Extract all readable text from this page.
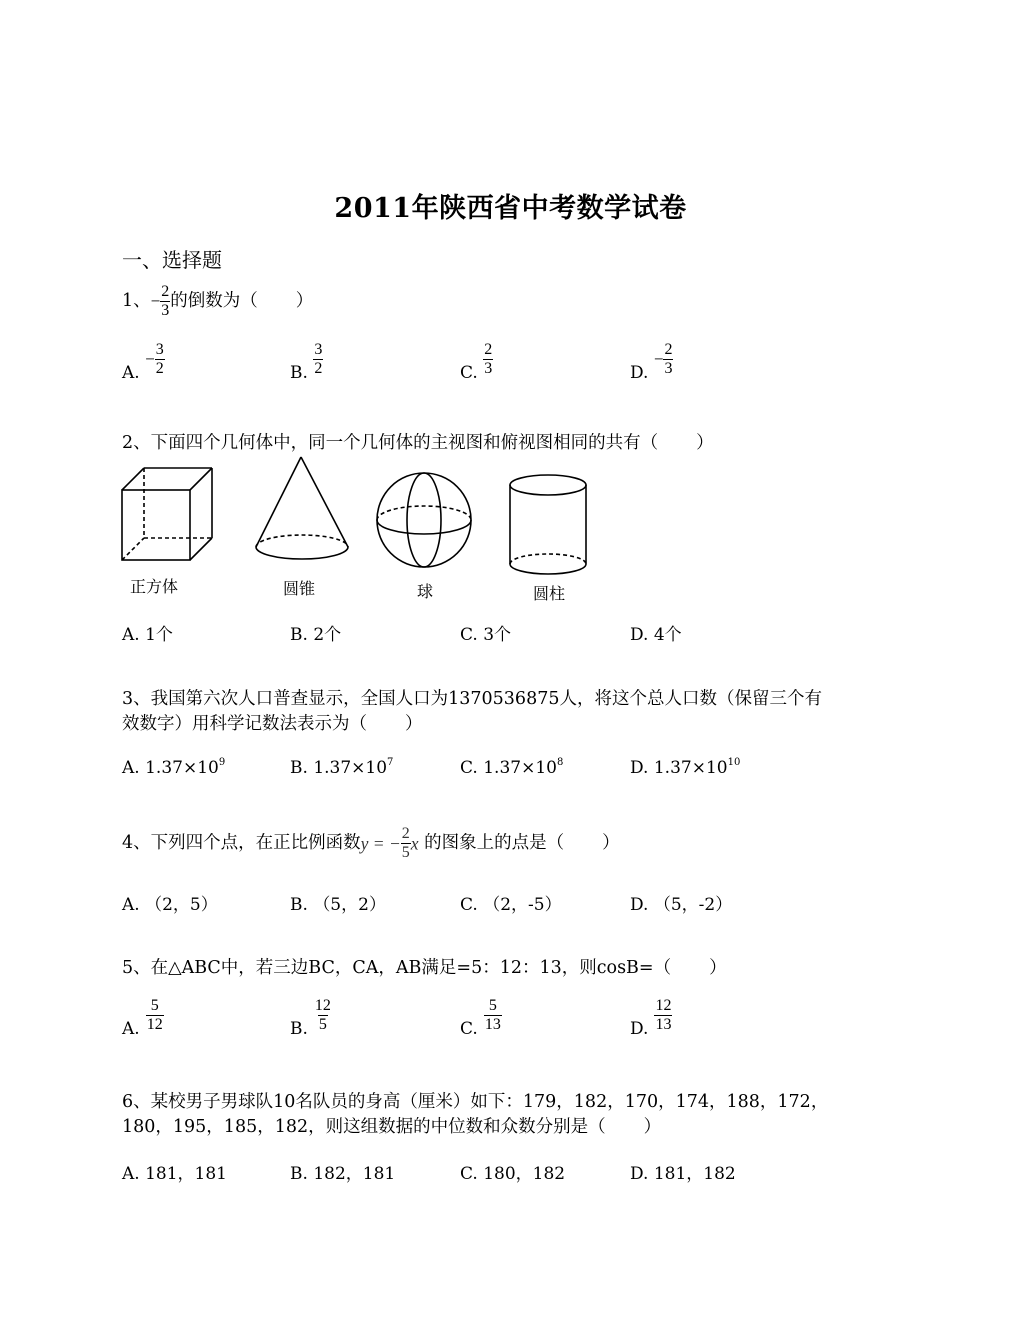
2011年陕西省中考数学试卷
一、选择题
1、− $\frac{2}{3}$ 的倒数为（ ）
A. − $\frac{3}{2}$	B. $\frac{3}{2}$	C. $\frac{2}{3}$	D. − $\frac{2}{3}$
2、下面四个几何体中，同一个几何体的主视图和俯视图相同的共有（ ）
正方体	圆锥	球	圆柱
A. 1个	B. 2个	C. 3个	D. 4个
3、我国第六次人口普查显示，全国人口为1370536875人，将这个总人口数（保留三个有
效数字）用科学记数法表示为（ ）
A. $1.37\times 10^9$	B. $1.37\times 10^7$	C. $1.37\times 10^8$	D. $1.37\times 10^{10}$
4、下列四个点，在正比例函数y = − $\frac{2}{5}$ x 的图象上的点是（ ）
A. （2，5）	B. （5，2）	C. （2，-5）	D. （5，-2）
5、在△ABC中，若三边BC，CA，AB满足=5：12：13，则cosB=（ ）
A. $\frac{5}{12}$	B. $\frac{12}{5}$	C. $\frac{5}{13}$	D. $\frac{12}{13}$
6、某校男子男球队10名队员的身高（厘米）如下：179，182，170，174，188，172，
180，195，185，182，则这组数据的中位数和众数分别是（ ）
A. 181，181	B. 182，181	C. 180，182	D. 181，182
